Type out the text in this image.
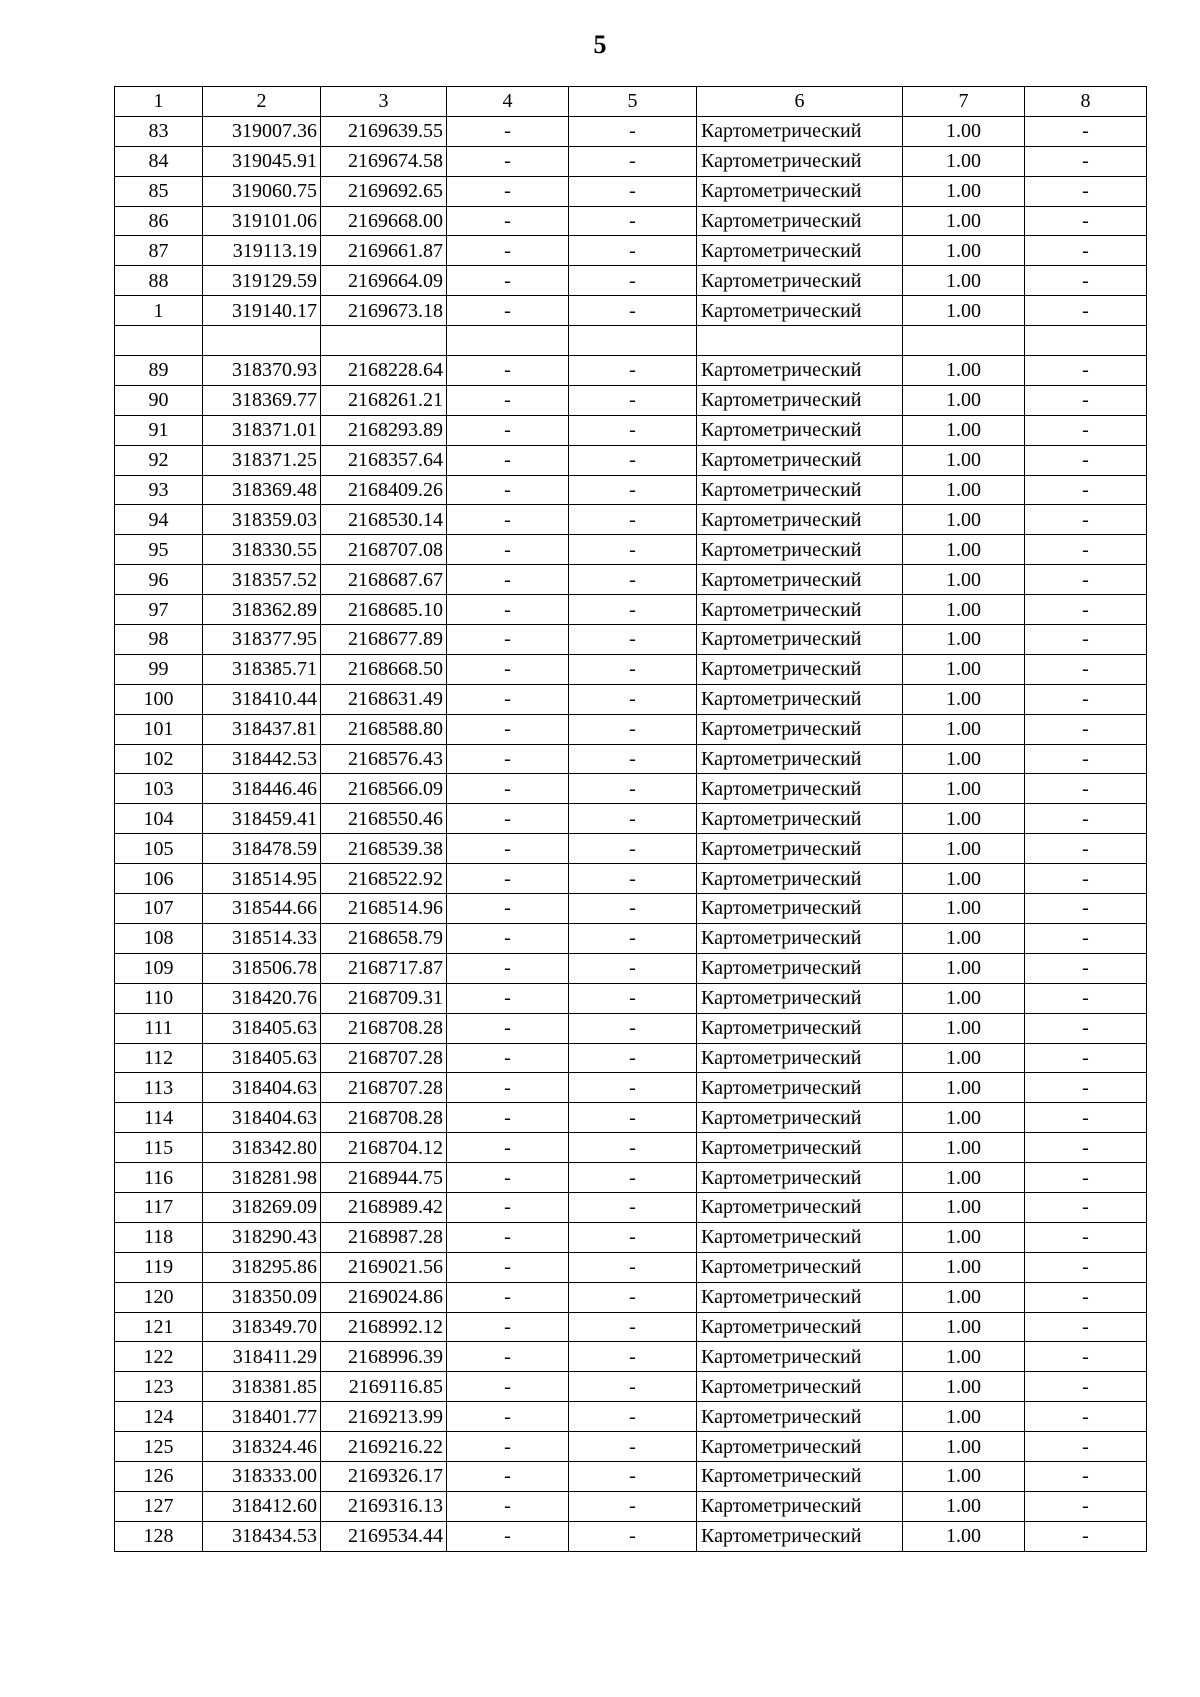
5
1	2	3	4	5	6	7	8
83	319007.36	2169639.55	-	-	Картометрический	1.00	-
84	319045.91	2169674.58	-	-	Картометрический	1.00	-
85	319060.75	2169692.65	-	-	Картометрический	1.00	-
86	319101.06	2169668.00	-	-	Картометрический	1.00	-
87	319113.19	2169661.87	-	-	Картометрический	1.00	-
88	319129.59	2169664.09	-	-	Картометрический	1.00	-
1	319140.17	2169673.18	-	-	Картометрический	1.00	-

89	318370.93	2168228.64	-	-	Картометрический	1.00	-
90	318369.77	2168261.21	-	-	Картометрический	1.00	-
91	318371.01	2168293.89	-	-	Картометрический	1.00	-
92	318371.25	2168357.64	-	-	Картометрический	1.00	-
93	318369.48	2168409.26	-	-	Картометрический	1.00	-
94	318359.03	2168530.14	-	-	Картометрический	1.00	-
95	318330.55	2168707.08	-	-	Картометрический	1.00	-
96	318357.52	2168687.67	-	-	Картометрический	1.00	-
97	318362.89	2168685.10	-	-	Картометрический	1.00	-
98	318377.95	2168677.89	-	-	Картометрический	1.00	-
99	318385.71	2168668.50	-	-	Картометрический	1.00	-
100	318410.44	2168631.49	-	-	Картометрический	1.00	-
101	318437.81	2168588.80	-	-	Картометрический	1.00	-
102	318442.53	2168576.43	-	-	Картометрический	1.00	-
103	318446.46	2168566.09	-	-	Картометрический	1.00	-
104	318459.41	2168550.46	-	-	Картометрический	1.00	-
105	318478.59	2168539.38	-	-	Картометрический	1.00	-
106	318514.95	2168522.92	-	-	Картометрический	1.00	-
107	318544.66	2168514.96	-	-	Картометрический	1.00	-
108	318514.33	2168658.79	-	-	Картометрический	1.00	-
109	318506.78	2168717.87	-	-	Картометрический	1.00	-
110	318420.76	2168709.31	-	-	Картометрический	1.00	-
111	318405.63	2168708.28	-	-	Картометрический	1.00	-
112	318405.63	2168707.28	-	-	Картометрический	1.00	-
113	318404.63	2168707.28	-	-	Картометрический	1.00	-
114	318404.63	2168708.28	-	-	Картометрический	1.00	-
115	318342.80	2168704.12	-	-	Картометрический	1.00	-
116	318281.98	2168944.75	-	-	Картометрический	1.00	-
117	318269.09	2168989.42	-	-	Картометрический	1.00	-
118	318290.43	2168987.28	-	-	Картометрический	1.00	-
119	318295.86	2169021.56	-	-	Картометрический	1.00	-
120	318350.09	2169024.86	-	-	Картометрический	1.00	-
121	318349.70	2168992.12	-	-	Картометрический	1.00	-
122	318411.29	2168996.39	-	-	Картометрический	1.00	-
123	318381.85	2169116.85	-	-	Картометрический	1.00	-
124	318401.77	2169213.99	-	-	Картометрический	1.00	-
125	318324.46	2169216.22	-	-	Картометрический	1.00	-
126	318333.00	2169326.17	-	-	Картометрический	1.00	-
127	318412.60	2169316.13	-	-	Картометрический	1.00	-
128	318434.53	2169534.44	-	-	Картометрический	1.00	-
